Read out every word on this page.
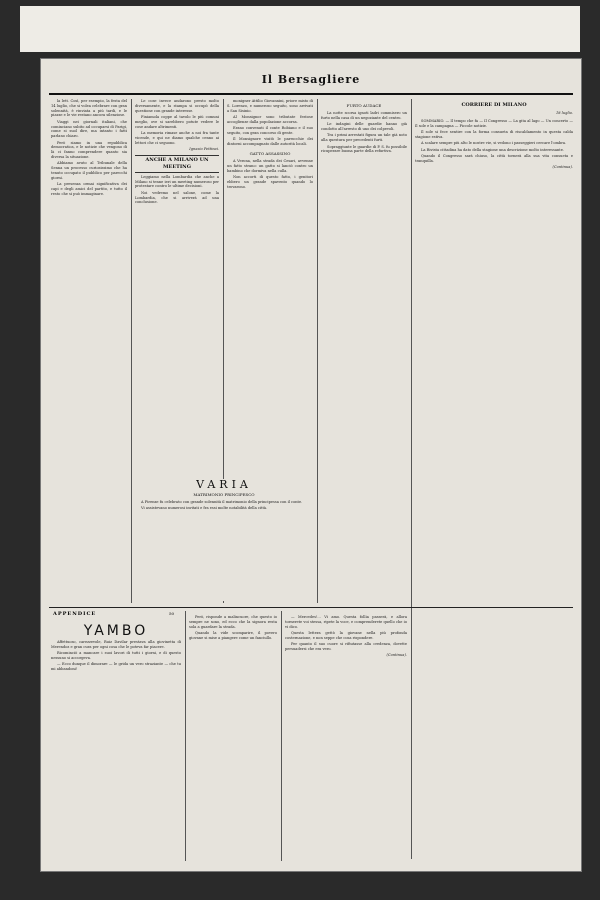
Il Bersagliere

la lett. Così, per esempio, la festa del 14 luglio, che si volea celebrare con gran solennità, è rinviata a più tardi, e le piazze e le vie restano ancora silenziose.

Viaggi nei giornali italiani, che cominciano subito ad occuparsi di Parigi, come si suol dire, ma intanto i fatti parlano chiaro.

Però siamo in una repubblica democratica, e le notizie che vengono di là ci fanno comprendere quanto sia diversa la situazione.

Abbiamo avuto al Tribunale della Senna un processo curiosissimo che ha tenuto occupato il pubblico per parecchi giorni.

La presenza ormai significativa dei capi e degli amici del partito, e tutto il resto che si può immaginare.

Le cose invece andarono presto molto diversamente, e la stampa si occupò della questione con grande interesse.

Finiamola coppe al tavolo le più comuni meglio, ove si sarebbero potute vedere le cose andare altrimenti.

La memoria rimase anche a noi fra tante vicende, e qui ne diamo qualche cenno ai lettori che ci seguono.

Ignazio Pettinai.
ANCHE A MILANO UN MEETING

Leggiamo nella Lombardia che anche a Milano si tenne ieri un meeting numeroso per protestare contro le ultime decisioni.

Noi vedremo nel salone, come la Lombardia, che si arriverà ad una conclusione.

monigner Attilio Giovannini, priore misto di S. Lorenzo, e numeroso seguito, sono arrivati a San Sisinio.

Al Monsignor sono tributate festose accoglienze dalla popolazione accorsa.

Erano convenuti il conte Robiano e il suo seguito, con gran concorso di gente.

Il Monsignore visitò le parrocchie dei dintorni accompagnato dalle autorità locali.

GATTO ASSASSINO

A Verona, nella strada dei Cesari, avvenne un fatto strano: un gatto si lanciò contro un bambino che dormiva nella culla.

Non accorti di questo fatto, i genitori ebbero un grande spavento quando lo trovarono.

FURTO AUDACE

La notte scorsa ignoti ladri commisero un furto nella casa di un negoziante del centro.

Le indagini delle guardie hanno già condotto all'arresto di uno dei colpevoli.

Tra i primi arrestati figura un tale già noto alla questura per precedenti furti.

Sopraggiunte le guardie di P. S. fu possibile ricuperare buona parte della refurtiva.

CORRIERE DI MILANO
18 luglio.

SOMMARIO. — Il tempo che fa — Il Congresso — La gita al lago — Un concerto — Il sole e la campagna — Piccole notizie.

Il sole si fece sentire con la forma consueta di riscaldamento in questa calda stagione estiva.

A scalare sempre più alto le nostre vie, si vedono i passeggieri cercare l'ombra.

La Rivista cittadina ha dato della stagione una descrizione molto interessante.

Quando il Congresso sarà chiuso, la città tornerà alla sua vita consueta e tranquilla.

(Continua).
VARIA
MATRIMONIO PRINCIPESCO

A Firenze fu celebrato con grande solennità il matrimonio della principessa con il conte.

Vi assistevano numerosi invitati e fra essi molte notabilità della città.

APPENDICE	50
YAMBO

Affettuoso, carezzevole, Ruiz Davilar prestava alla giovinetta di Merendoz e gran cura per ogni cosa che le poteva far piacere.

Ricominciò a mancare i suoi lavori di tutti i giorni, e di questo nessuno si accorgeva.

— Ecco dunque il dimorare — le grida un vero straziante — che tu mi abbandoni!

Però, risponde a malincuore, che questo io sempre ne sono, ed ecco che la signora resta sola a guardare la strada.

Quando la vide scomparire, il povero giovane si mise a piangere come un fanciullo.

— Mercedes!... Vi amo. Questa follia passerà, e allora tornerete voi stessa, ripete la voce, e comprenderete quello che io vi dico.

Questa lettera gettò la giovane nella più profonda costernazione, e non seppe che cosa rispondere.

Per quanto il suo cuore si rifiutasse alla credenza, dovette persuadersi che era vero.

(Continua).
